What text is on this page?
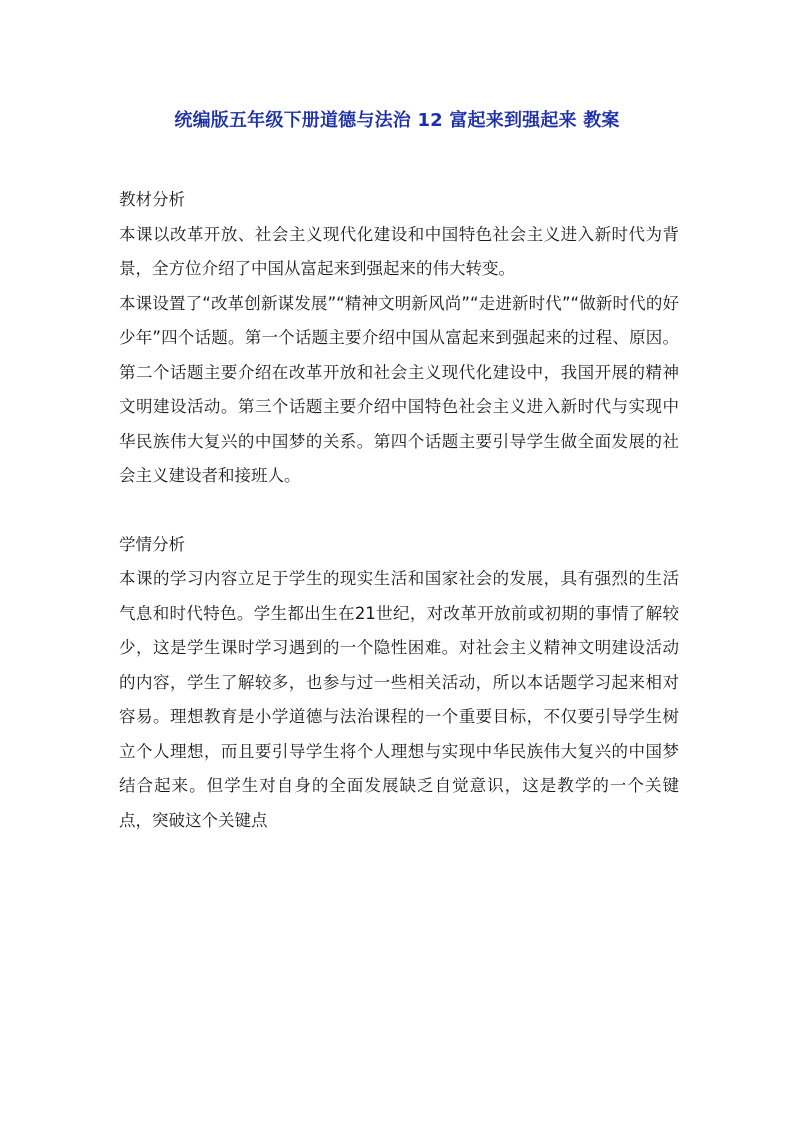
统编版五年级下册道德与法治 12 富起来到强起来 教案

教材分析

本课以改革开放、社会主义现代化建设和中国特色社会主义进入新时代为背景，全方位介绍了中国从富起来到强起来的伟大转变。

本课设置了“改革创新谋发展”“精神文明新风尚”“走进新时代”“做新时代的好少年”四个话题。第一个话题主要介绍中国从富起来到强起来的过程、原因。第二个话题主要介绍在改革开放和社会主义现代化建设中，我国开展的精神文明建设活动。第三个话题主要介绍中国特色社会主义进入新时代与实现中华民族伟大复兴的中国梦的关系。第四个话题主要引导学生做全面发展的社会主义建设者和接班人。

学情分析

本课的学习内容立足于学生的现实生活和国家社会的发展，具有强烈的生活气息和时代特色。学生都出生在21世纪，对改革开放前或初期的事情了解较少，这是学生课时学习遇到的一个隐性困难。对社会主义精神文明建设活动的内容，学生了解较多，也参与过一些相关活动，所以本话题学习起来相对容易。理想教育是小学道德与法治课程的一个重要目标，不仅要引导学生树立个人理想，而且要引导学生将个人理想与实现中华民族伟大复兴的中国梦结合起来。但学生对自身的全面发展缺乏自觉意识，这是教学的一个关键点，突破这个关键点
